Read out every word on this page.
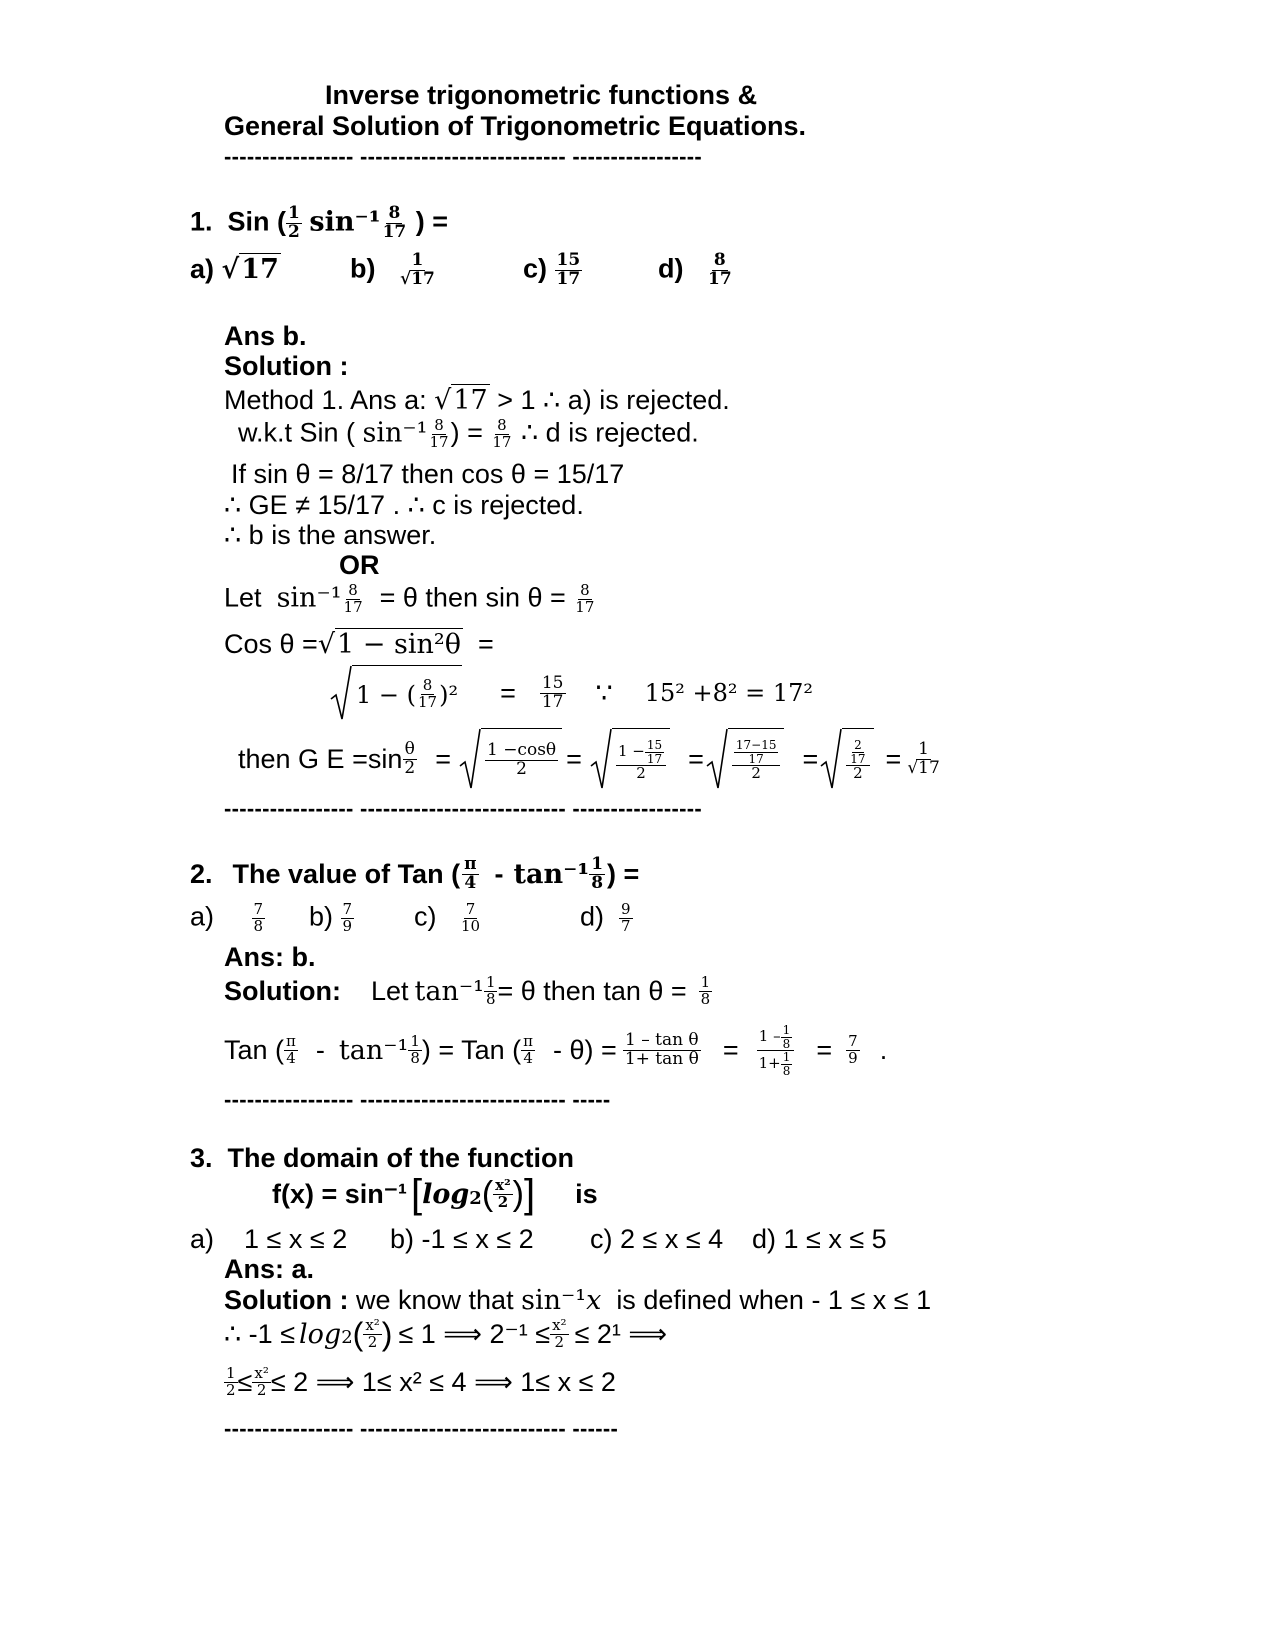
Inverse trigonometric functions &
General Solution of Trigonometric Equations.
----------------- --------------------------- -----------------
1. Sin ( $\frac{1}{2} \sin^{-1} \frac{8}{17}$ ) =
a) √17	$b) \frac{1}{√17}$	$c) \frac{15}{17}$	$d) \frac{8}{17}$
Ans b.
Solution :
Method 1. Ans a: √17 > 1 ∴ a) is rejected.
w.k.t Sin ( $\sin^{-1} \frac{8}{17}$ ) = $\frac{8}{17}$ ∴ d is rejected.
If sin θ = 8/17 then cos θ = 15/17
∴ GE ≠ 15/17 . ∴ c is rejected.
∴ b is the answer.
OR
Let $\sin^{-1} \frac{8}{17} = \theta$ then $\sin \theta = \frac{8}{17}$
Cos θ =√1 − sin²θ =
1 − ( $\frac{8}{17} )^2 = \frac{15}{17}$ ∵ 15² +8² = 17²
then G $E =\sin \frac{\theta}{2} = \frac{1 -\cos\theta}{2} = 1 - \frac{15}{17}$
2 =	$\frac{17-15}{17}$
2 =	$\frac{2}{17}$
$2 = \frac{1}{√17}$
----------------- --------------------------- -----------------
2. The value of Tan ( π
4 - tan⁻¹ 1
8 ) =
a)	$\frac{7}{8} b) \frac{7}{9} c) \frac{7}{10}$	$d) \frac{9}{7}$
Ans: b.
Solution: Let $\tan^{-1} \frac{1}{8} = \theta$ then $\tan \theta = \frac{1}{8}$
Tan ( π
4 - tan⁻¹ 1
8 ) = Tan ( π
$4 - \theta) = \frac{\text{1 – tan θ}}{\text{1+ tan θ}} = 1 - 1$
8
$1+ \frac{1}{8} = \frac{7}{9}$ .
----------------- --------------------------- -----
3. The domain of the function
f(x) = sin⁻¹ [ log 2 ( x²
2 ) ] is
a) 1 ≤ x ≤ 2 b) -1 ≤ x ≤ 2 c) 2 ≤ x ≤ 4 d) 1 ≤ x ≤ 5
Ans: a.
Solution : we know that sin⁻¹x is defined when - 1 ≤ x ≤ 1
∴ -1 ≤ log 2 ( x²
2 ) ≤ 1 ⟹ $2^{-1} \le \frac{\text{x²}}{2} \le 2^1$ ⟹
$\frac{1}{2} \le \frac{\text{x²}}{2} \le 2$ ⟹ 1≤ x² ≤ 4 ⟹ 1≤ x ≤ 2
----------------- --------------------------- ------
